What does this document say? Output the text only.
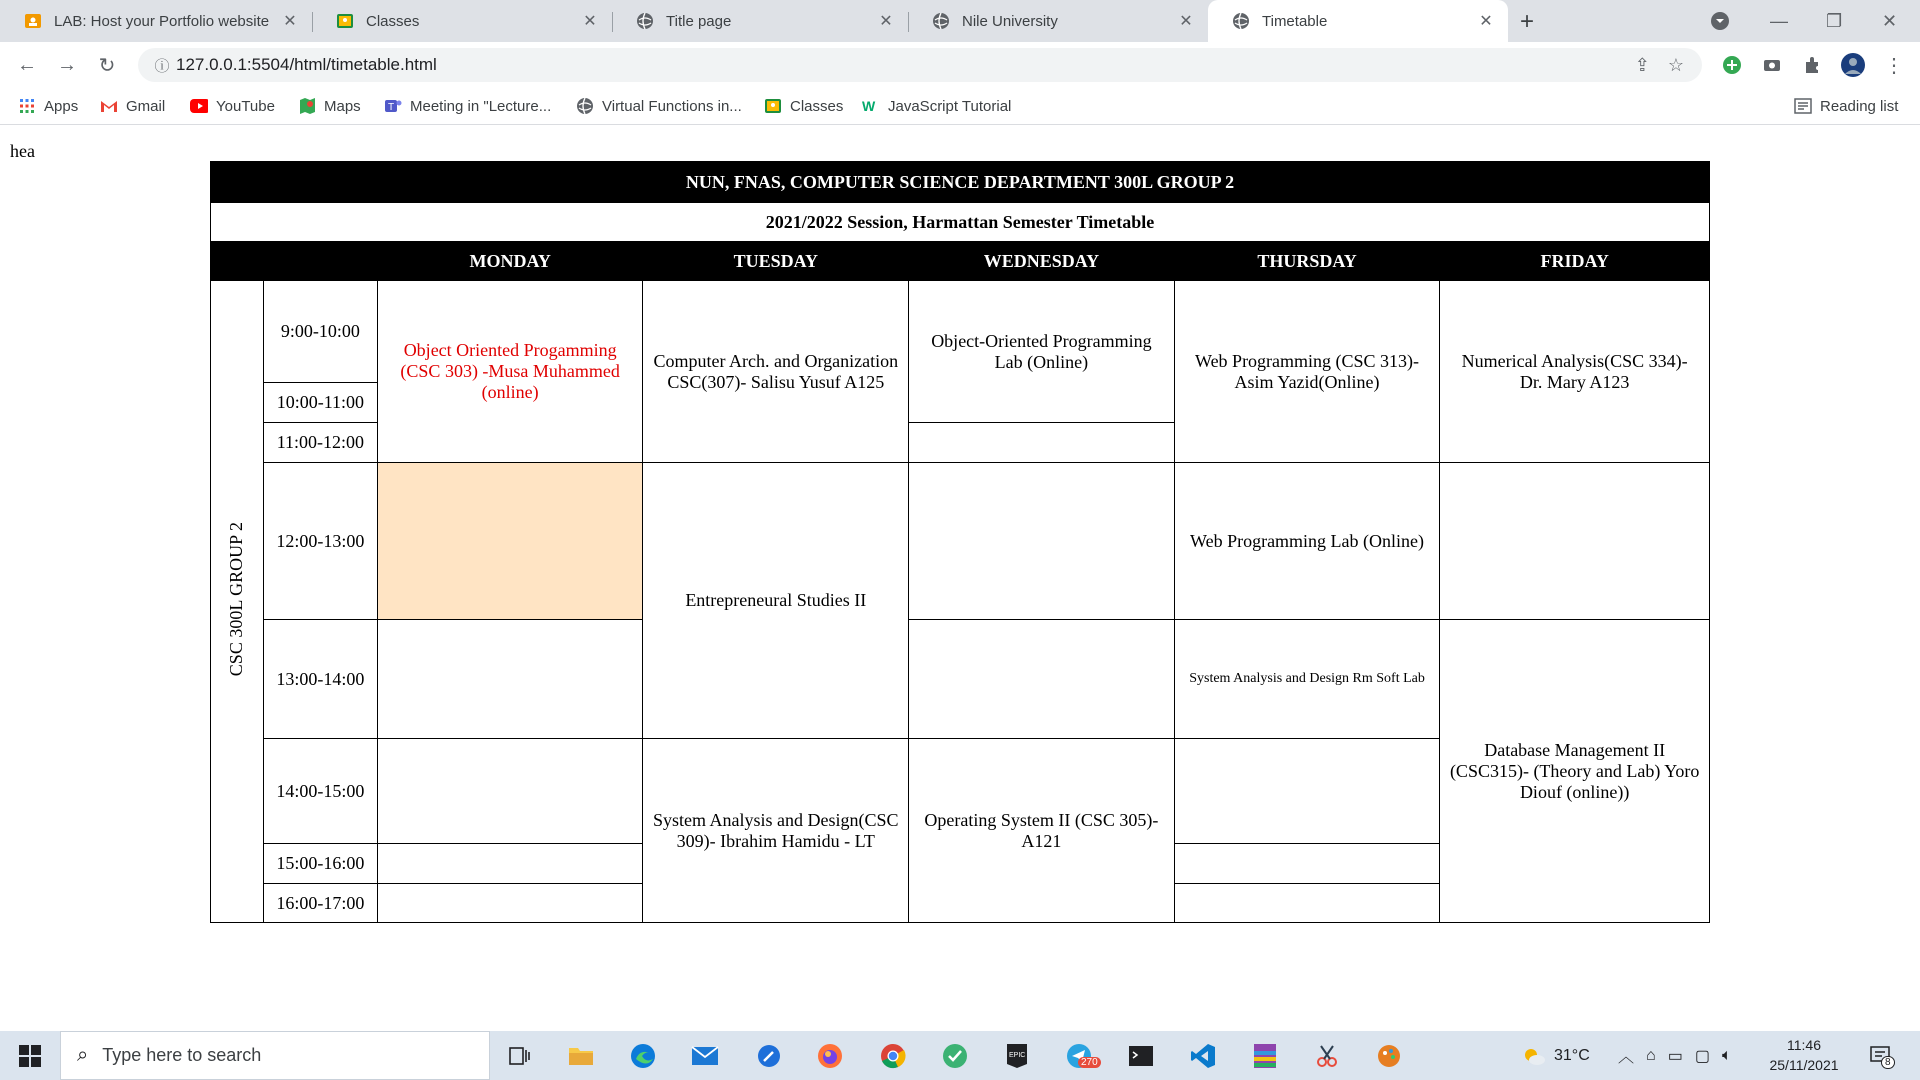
LAB: Host your Portfolio website ✕	Classes	✕	Title page	✕	Nile University	✕	Timetable	✕ +	— ❐ ✕
← → ↻	ⓘ 127.0.0.1:5504/html/timetable.html	⇪ ☆	⋮
Apps	Gmail	YouTube	Maps	T Meeting in "Lecture...	Virtual Functions in...	Classes W JavaScript Tutorial	Reading list
hea
NUN, FNAS, COMPUTER SCIENCE DEPARTMENT 300L GROUP 2						
2021/2022 Session, Harmattan Semester Timetable						
		MONDAY	TUESDAY	WEDNESDAY	THURSDAY	FRIDAY
CSC 300L GROUP 2	9:00-10:00	Object Oriented Progamming (CSC 303) -Musa Muhammed (online)	Computer Arch. and Organization CSC(307)- Salisu Yusuf A125	Object-Oriented Programming Lab (Online)	Web Programming (CSC 313)- Asim Yazid(Online)	Numerical Analysis(CSC 334)- Dr. Mary A123
	10:00-11:00					
	11:00-12:00					
	12:00-13:00		Entrepreneural Studies II		Web Programming Lab (Online)	
	13:00-14:00				System Analysis and Design Rm Soft Lab	Database Management II (CSC315)- (Theory and Lab) Yoro Diouf (online))
	14:00-15:00		System Analysis and Design(CSC 309)- Ibrahim Hamidu - LT	Operating System II (CSC 305)- A121		
	15:00-16:00					
	16:00-17:00					
⌕ Type here to search	EPIC
270	31°C ︿ ⌂ ▭ ▢ 🔈︎
11:46
25/11/2021	8
